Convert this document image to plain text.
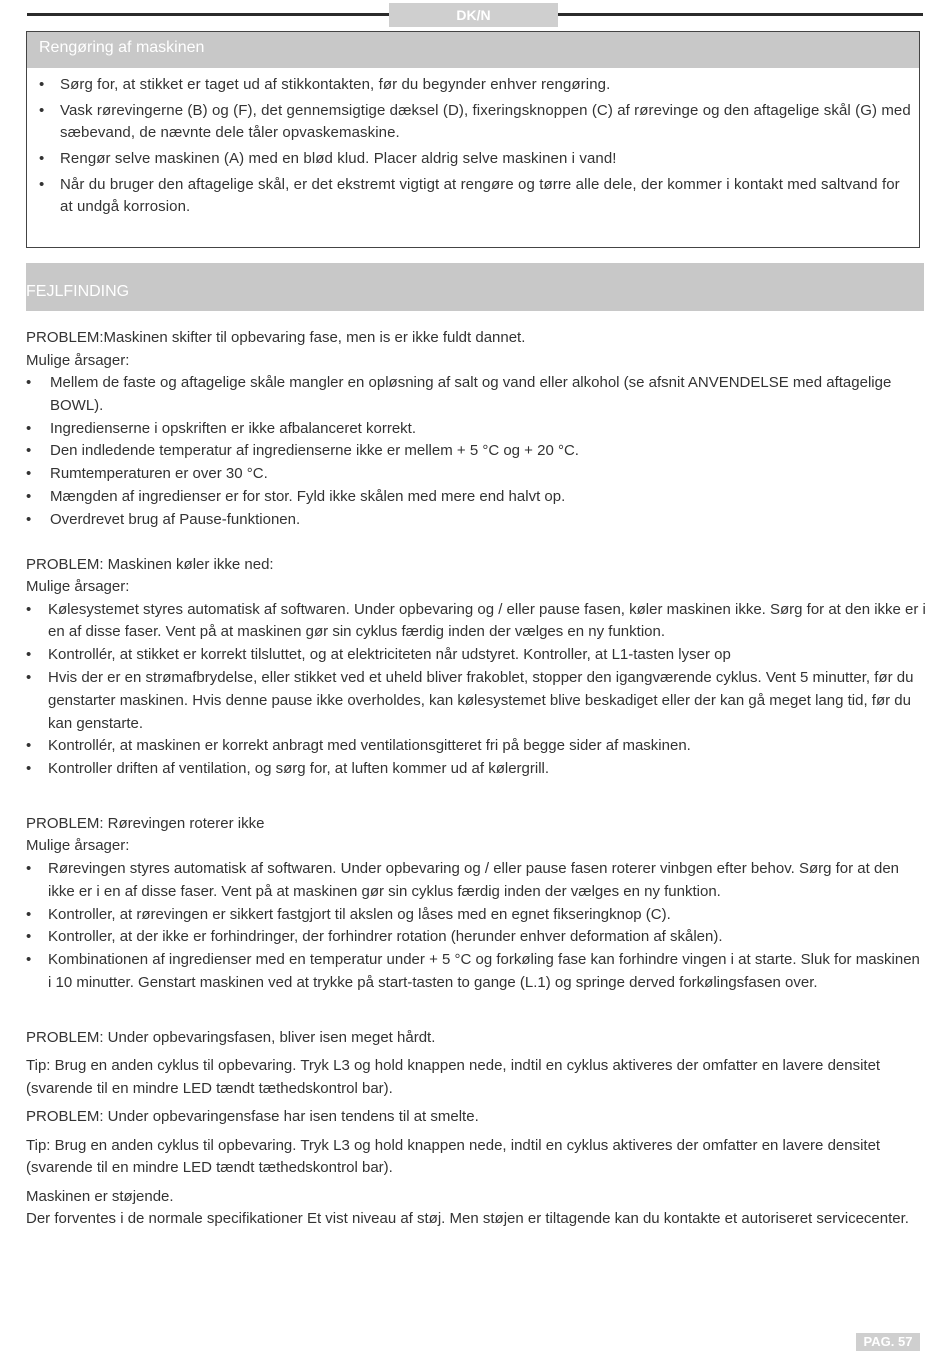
DK/N
Rengøring af maskinen
• Sørg for, at stikket er taget ud af stikkontakten, før du begynder enhver rengøring.
• Vask rørevingerne (B) og (F), det gennemsigtige dæksel (D), fixeringsknoppen (C) af rørevinge og den aftagelige skål (G) med sæbevand, de nævnte dele tåler opvaskemaskine.
• Rengør selve maskinen (A) med en blød klud. Placer aldrig selve maskinen i vand!
• Når du bruger den aftagelige skål, er det ekstremt vigtigt at rengøre og tørre alle dele, der kommer i kontakt med saltvand for at undgå korrosion.
FEJLFINDING
PROBLEM:Maskinen skifter til opbevaring fase, men is er ikke fuldt dannet.
Mulige årsager:
• Mellem de faste og aftagelige skåle mangler en opløsning af salt og vand eller alkohol (se afsnit ANVENDELSE med aftagelige BOWL).
• Ingredienserne i opskriften er ikke afbalanceret korrekt.
• Den indledende temperatur af ingredienserne ikke er mellem + 5 °C og + 20 °C.
• Rumtemperaturen er over 30 °C.
• Mængden af ingredienser er for stor. Fyld ikke skålen med mere end halvt op.
• Overdrevet brug af Pause-funktionen.
PROBLEM: Maskinen køler ikke ned:
Mulige årsager:
• Kølesystemet styres automatisk af softwaren. Under opbevaring og / eller pause fasen, køler maskinen ikke. Sørg for at den ikke er i en af disse faser. Vent på at maskinen gør sin cyklus færdig inden der vælges en ny funktion.
• Kontrollér, at stikket er korrekt tilsluttet, og at elektriciteten når udstyret. Kontroller, at L1-tasten lyser op
• Hvis der er en strømafbrydelse, eller stikket ved et uheld bliver frakoblet, stopper den igangværende cyklus. Vent 5 minutter, før du genstarter maskinen. Hvis denne pause ikke overholdes, kan kølesystemet blive beskadiget eller der kan gå meget lang tid, før du kan genstarte.
• Kontrollér, at maskinen er korrekt anbragt med ventilationsgitteret fri på begge sider af maskinen.
• Kontroller driften af ventilation, og sørg for, at luften kommer ud af kølergrill.
PROBLEM: Rørevingen roterer ikke
Mulige årsager:
• Rørevingen styres automatisk af softwaren. Under opbevaring og / eller pause fasen roterer vinbgen efter behov. Sørg for at den ikke er i en af disse faser. Vent på at maskinen gør sin cyklus færdig inden der vælges en ny funktion.
• Kontroller, at rørevingen er sikkert fastgjort til akslen og låses med en egnet fikseringknop (C).
• Kontroller, at der ikke er forhindringer, der forhindrer rotation (herunder enhver deformation af skålen).
• Kombinationen af ingredienser med en temperatur under + 5 °C og forkøling fase kan forhindre vingen i at starte. Sluk for maskinen i 10 minutter. Genstart maskinen ved at trykke på start-tasten to gange (L.1) og springe derved forkølingsfasen over.
PROBLEM: Under opbevaringsfasen, bliver isen meget hårdt.
Tip: Brug en anden cyklus til opbevaring. Tryk L3 og hold knappen nede, indtil en cyklus aktiveres der omfatter en lavere densitet (svarende til en mindre LED tændt tæthedskontrol bar).
PROBLEM: Under opbevaringensfase har isen tendens til at smelte.
Tip: Brug en anden cyklus til opbevaring. Tryk L3 og hold knappen nede, indtil en cyklus aktiveres der omfatter en lavere densitet (svarende til en mindre LED tændt tæthedskontrol bar).
Maskinen er støjende.
Der forventes i de normale specifikationer Et vist niveau af støj. Men støjen er tiltagende kan du kontakte et autoriseret servicecenter.
PAG. 57
